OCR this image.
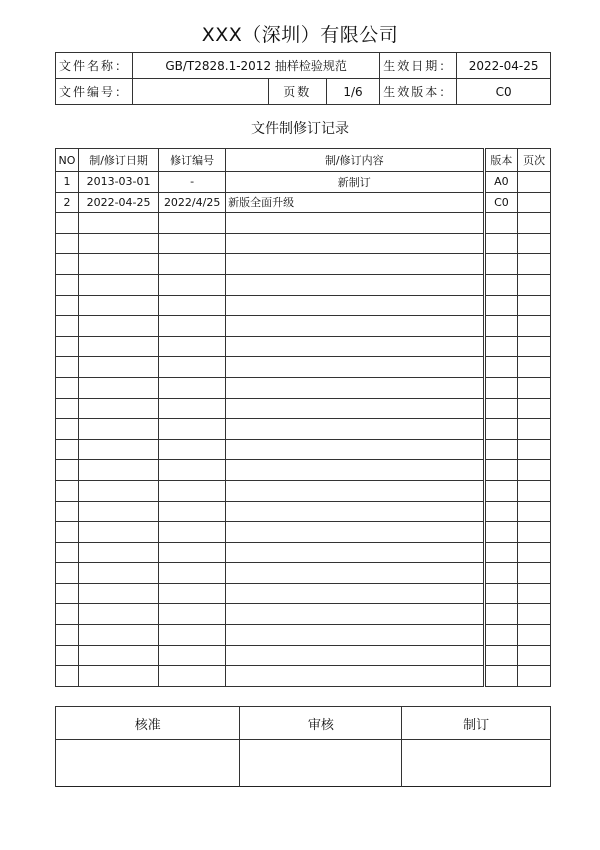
XXX（深圳）有限公司
文件名称：	GB/T2828.1-2012 抽样检验规范			生效日期：	2022-04-25
文件编号：		页数	1/6	生效版本：	C0
文件制修订记录
NO	制/修订日期	修订编号	制/修订内容	版本	页次
1	2013-03-01	-	新制订	A0	
2	2022-04-25	2022/4/25	新版全面升级	C0	

核准	审核	制订
